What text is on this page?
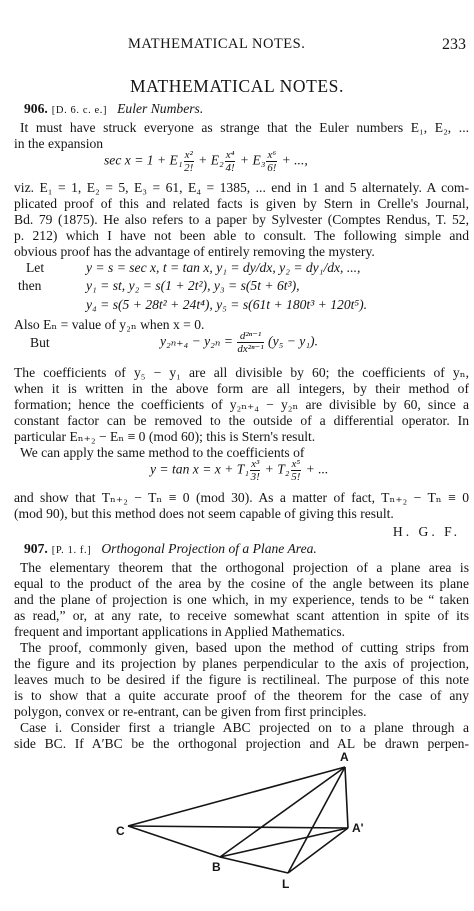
MATHEMATICAL NOTES.	233
MATHEMATICAL NOTES.
906. [D. 6. c. e.] Euler Numbers.
It must have struck everyone as strange that the Euler numbers E₁, E₂, ...
in the expansion
$\sec x = 1 + E_1 \frac{\text{x²}}{2!} + E_2 \frac{\text{x⁴}}{4!} + E_3 \frac{\text{x⁶}}{6!}$ + ...,
viz. E₁ = 1, E₂ = 5, E₃ = 61, E₄ = 1385, ... end in 1 and 5 alternately. A com-
plicated proof of this and related facts is given by Stern in Crelle's Journal,
Bd. 79 (1875). He also refers to a paper by Sylvester (Comptes Rendus, T. 52,
p. 212) which I have not been able to consult. The following simple and
obvious proof has the advantage of entirely removing the mystery.
Let	y = s = sec x, t = tan x, y₁ = dy/dx, y₂ = dy₁/dx, ...,
then	y₁ = st, y₂ = s(1 + 2t²), y₃ = s(5t + 6t³),
y₄ = s(5 + 28t² + 24t⁴), y₅ = s(61t + 180t³ + 120t⁵).
Also Eₙ = value of y₂ₙ when x = 0.
But	$y_{2n+4} - y_{2n} = \frac{\text{d²ⁿ⁻¹}}{\text{dx²ⁿ⁻¹}} (y_5 - y_1)$.
The coefficients of y₅ − y₁ are all divisible by 60; the coefficients of yₙ,
when it is written in the above form are all integers, by their method of
formation; hence the coefficients of y₂ₙ₊₄ − y₂ₙ are divisible by 60, since a
constant factor can be removed to the outside of a differential operator. In
particular Eₙ₊₂ − Eₙ ≡ 0 (mod 60); this is Stern's result.
We can apply the same method to the coefficients of
$y = \tan x = x + T_1 \frac{\text{x³}}{3!} + T_2 \frac{\text{x⁵}}{5!}$ + ...
and show that Tₙ₊₂ − Tₙ ≡ 0 (mod 30). As a matter of fact, Tₙ₊₂ − Tₙ ≡ 0
(mod 90), but this method does not seem capable of giving this result.
H. G. F.
907. [P. 1. f.] Orthogonal Projection of a Plane Area.
The elementary theorem that the orthogonal projection of a plane area is
equal to the product of the area by the cosine of the angle between its plane
and the plane of projection is one which, in my experience, tends to be “ taken
as read,” or, at any rate, to receive somewhat scant attention in spite of its
frequent and important applications in Applied Mathematics.
The proof, commonly given, based upon the method of cutting strips from
the figure and its projection by planes perpendicular to the axis of projection,
leaves much to be desired if the figure is rectilineal. The purpose of this note
is to show that a quite accurate proof of the theorem for the case of any
polygon, convex or re-entrant, can be given from first principles.
Case i. Consider first a triangle ABC projected on to a plane through a
side BC. If A′BC be the orthogonal projection and AL be drawn perpen-
A
C	A'
B
L
